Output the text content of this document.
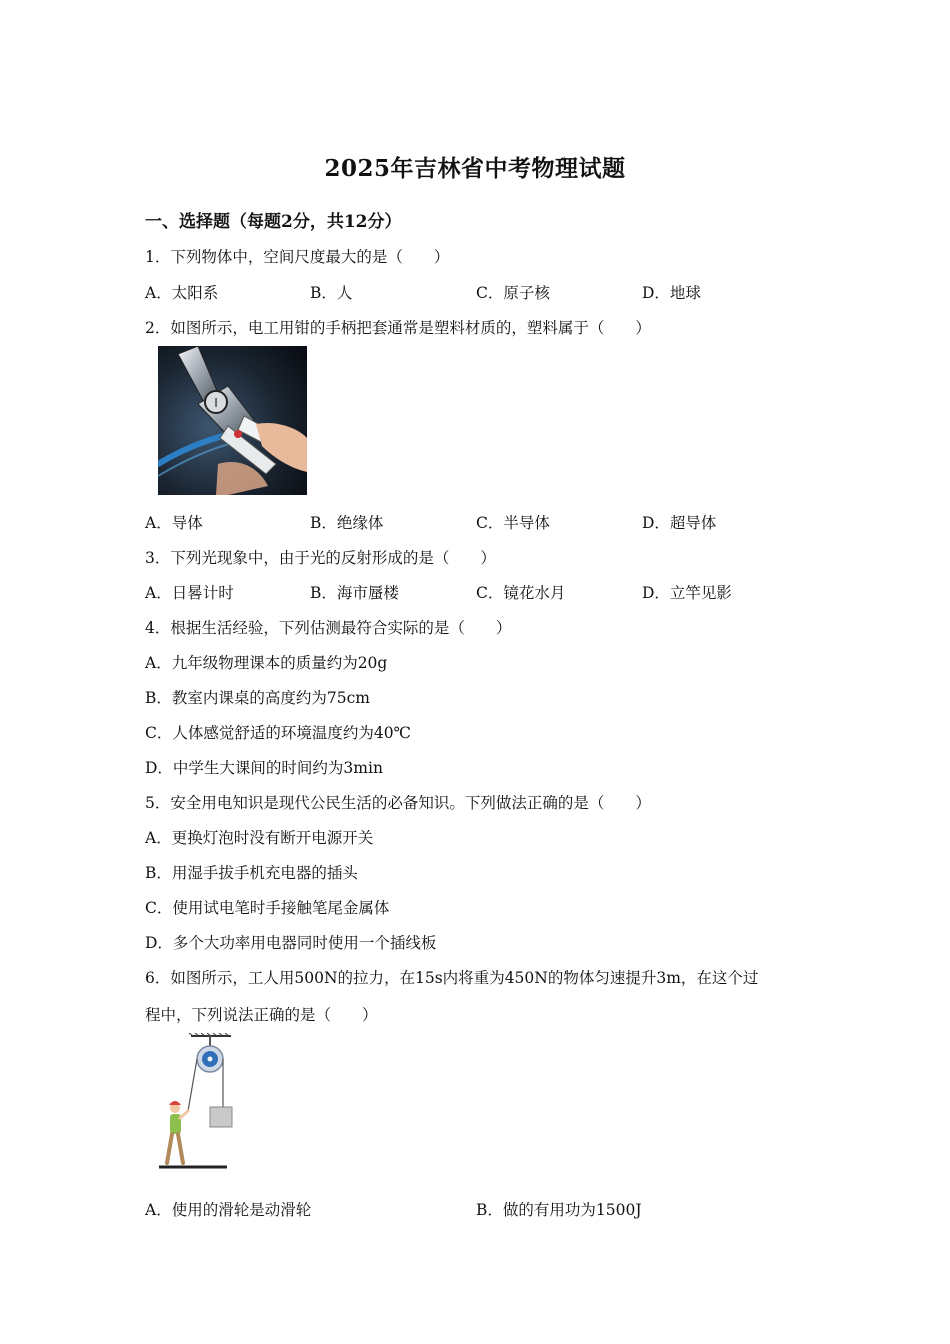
2025年吉林省中考物理试题
一、选择题（每题2分，共12分）
1．下列物体中，空间尺度最大的是（　　）
A．太阳系	B．人	C．原子核	D．地球
2．如图所示，电工用钳的手柄把套通常是塑料材质的，塑料属于（　　）
I
A．导体	B．绝缘体	C．半导体	D．超导体
3．下列光现象中，由于光的反射形成的是（　　）
A．日晷计时	B．海市蜃楼	C．镜花水月	D．立竿见影
4．根据生活经验，下列估测最符合实际的是（　　）
A．九年级物理课本的质量约为20g
B．教室内课桌的高度约为75cm
C．人体感觉舒适的环境温度约为40℃
D．中学生大课间的时间约为3min
5．安全用电知识是现代公民生活的必备知识。下列做法正确的是（　　）
A．更换灯泡时没有断开电源开关
B．用湿手拔手机充电器的插头
C．使用试电笔时手接触笔尾金属体
D．多个大功率用电器同时使用一个插线板
6．如图所示，工人用500N的拉力，在15s内将重为450N的物体匀速提升3m，在这个过
程中，下列说法正确的是（　　）
A．使用的滑轮是动滑轮	B．做的有用功为1500J
